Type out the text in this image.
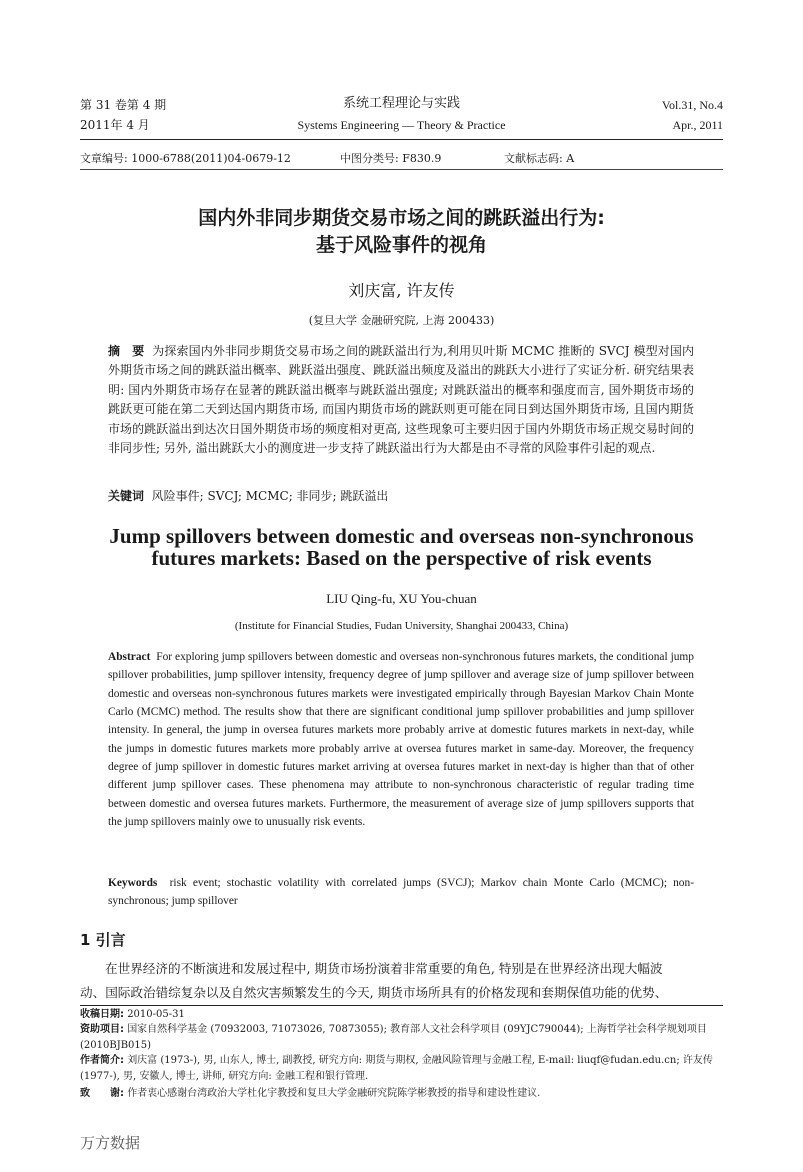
第 31 卷第 4 期
2011年 4 月
系统工程理论与实践
Systems Engineering — Theory & Practice
Vol.31, No.4
Apr., 2011
文章编号: 1000-6788(2011)04-0679-12	中图分类号: F830.9	文献标志码: A
国内外非同步期货交易市场之间的跳跃溢出行为:
基于风险事件的视角
刘庆富, 许友传
(复旦大学 金融研究院, 上海 200433)
摘　要 为探索国内外非同步期货交易市场之间的跳跃溢出行为,利用贝叶斯 MCMC 推断的 SVCJ 模型对国内外期货市场之间的跳跃溢出概率、跳跃溢出强度、跳跃溢出频度及溢出的跳跃大小进行了实证分析. 研究结果表明: 国内外期货市场存在显著的跳跃溢出概率与跳跃溢出强度; 对跳跃溢出的概率和强度而言, 国外期货市场的跳跃更可能在第二天到达国内期货市场, 而国内期货市场的跳跃则更可能在同日到达国外期货市场, 且国内期货市场的跳跃溢出到达次日国外期货市场的频度相对更高, 这些现象可主要归因于国内外期货市场正规交易时间的非同步性; 另外, 溢出跳跃大小的测度进一步支持了跳跃溢出行为大都是由不寻常的风险事件引起的观点.
关键词 风险事件; SVCJ; MCMC; 非同步; 跳跃溢出
Jump spillovers between domestic and overseas non-synchronous
futures markets: Based on the perspective of risk events
LIU Qing-fu, XU You-chuan
(Institute for Financial Studies, Fudan University, Shanghai 200433, China)
Abstract For exploring jump spillovers between domestic and overseas non-synchronous futures markets, the conditional jump spillover probabilities, jump spillover intensity, frequency degree of jump spillover and average size of jump spillover between domestic and overseas non-synchronous futures markets were investigated empirically through Bayesian Markov Chain Monte Carlo (MCMC) method. The results show that there are significant conditional jump spillover probabilities and jump spillover intensity. In general, the jump in oversea futures markets more probably arrive at domestic futures markets in next-day, while the jumps in domestic futures markets more probably arrive at oversea futures market in same-day. Moreover, the frequency degree of jump spillover in domestic futures market arriving at oversea futures market in next-day is higher than that of other different jump spillover cases. These phenomena may attribute to non-synchronous characteristic of regular trading time between domestic and oversea futures markets. Furthermore, the measurement of average size of jump spillovers supports that the jump spillovers mainly owe to unusually risk events.
Keywords risk event; stochastic volatility with correlated jumps (SVCJ); Markov chain Monte Carlo (MCMC); non-synchronous; jump spillover
1 引言
在世界经济的不断演进和发展过程中, 期货市场扮演着非常重要的角色, 特别是在世界经济出现大幅波
动、国际政治错综复杂以及自然灾害频繁发生的今天, 期货市场所具有的价格发现和套期保值功能的优势、
收稿日期: 2010-05-31
资助项目: 国家自然科学基金 (70932003, 71073026, 70873055); 教育部人文社会科学项目 (09YJC790044); 上海哲学社会科学规划项目 (2010BJB015)
作者简介: 刘庆富 (1973-), 男, 山东人, 博士, 副教授, 研究方向: 期货与期权, 金融风险管理与金融工程, E-mail: liuqf@fudan.edu.cn; 许友传 (1977-), 男, 安徽人, 博士, 讲师, 研究方向: 金融工程和银行管理.
致　　谢: 作者衷心感谢台湾政治大学杜化宇教授和复旦大学金融研究院陈学彬教授的指导和建设性建议.
万方数据
